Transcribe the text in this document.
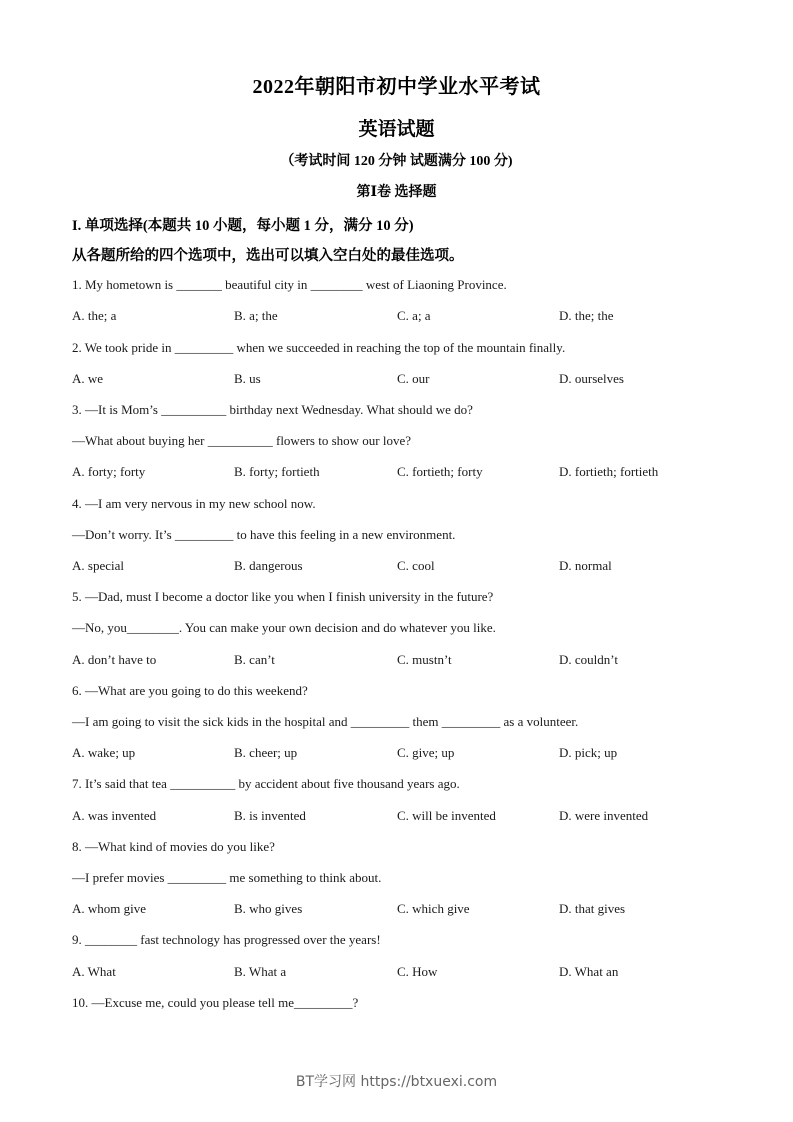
2022年朝阳市初中学业水平考试
英语试题
（考试时间 120 分钟 试题满分 100 分)
第Ⅰ卷 选择题
I. 单项选择(本题共 10 小题，每小题 1 分，满分 10 分)
从各题所给的四个选项中，选出可以填入空白处的最佳选项。
1. My hometown is _______ beautiful city in ________ west of Liaoning Province.
A. the; a	B. a; the	C. a; a	D. the; the
2. We took pride in _________ when we succeeded in reaching the top of the mountain finally.
A. we	B. us	C. our	D. ourselves
3. —It is Mom’s __________ birthday next Wednesday. What should we do?
—What about buying her __________ flowers to show our love?
A. forty; forty	B. forty; fortieth	C. fortieth; forty	D. fortieth; fortieth
4. —I am very nervous in my new school now.
—Don’t worry. It’s _________ to have this feeling in a new environment.
A. special	B. dangerous	C. cool	D. normal
5. —Dad, must I become a doctor like you when I finish university in the future?
—No, you________. You can make your own decision and do whatever you like.
A. don’t have to	B. can’t	C. mustn’t	D. couldn’t
6. —What are you going to do this weekend?
—I am going to visit the sick kids in the hospital and _________ them _________ as a volunteer.
A. wake; up	B. cheer; up	C. give; up	D. pick; up
7. It’s said that tea __________ by accident about five thousand years ago.
A. was invented	B. is invented	C. will be invented	D. were invented
8. —What kind of movies do you like?
—I prefer movies _________ me something to think about.
A. whom give	B. who gives	C. which give	D. that gives
9. ________ fast technology has progressed over the years!
A. What	B. What a	C. How	D. What an
10. —Excuse me, could you please tell me_________?
BT学习网 https://btxuexi.com
